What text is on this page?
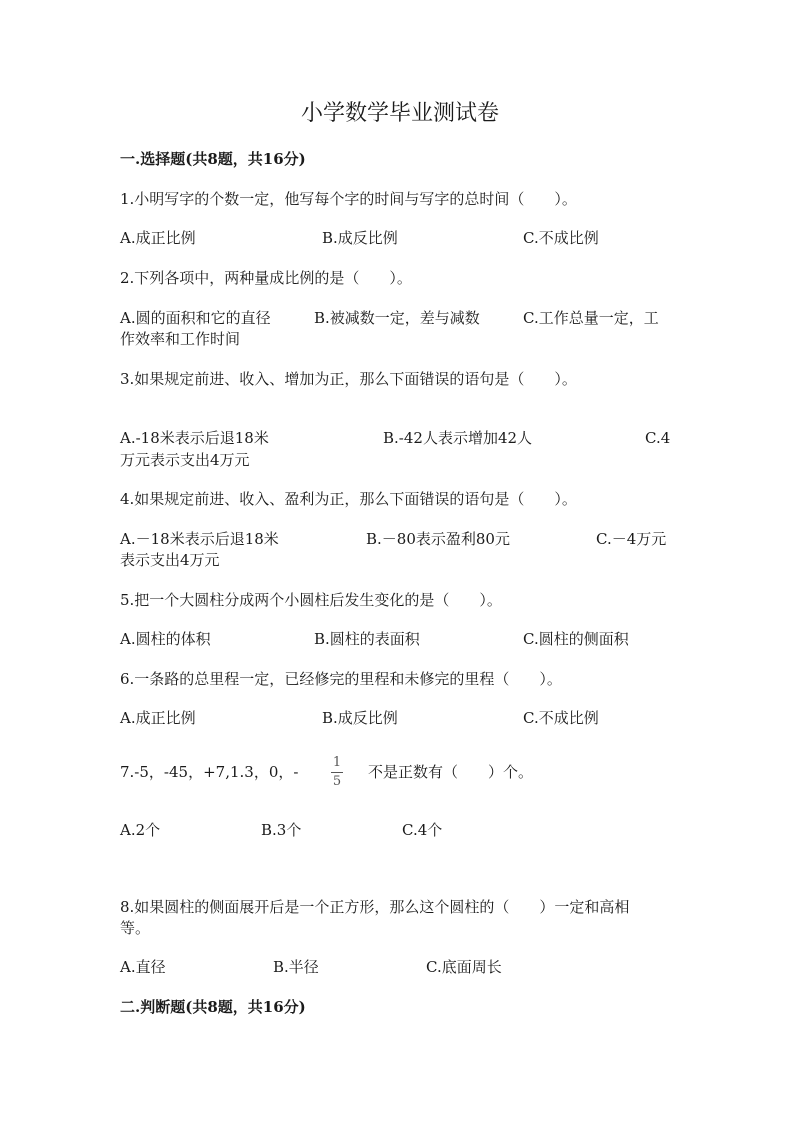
小学数学毕业测试卷
一.选择题(共8题，共16分)
1.小明写字的个数一定，他写每个字的时间与写字的总时间（　　）。
A.成正比例	B.成反比例	C.不成比例
2.下列各项中，两种量成比例的是（　　）。
A.圆的面积和它的直径	B.被减数一定，差与减数	C.工作总量一定，工
作效率和工作时间
3.如果规定前进、收入、增加为正，那么下面错误的语句是（　　）。
A.-18米表示后退18米	B.-42人表示增加42人	C.4
万元表示支出4万元
4.如果规定前进、收入、盈利为正，那么下面错误的语句是（　　）。
A.－18米表示后退18米	B.－80表示盈利80元	C.－4万元
表示支出4万元
5.把一个大圆柱分成两个小圆柱后发生变化的是（　　）。
A.圆柱的体积	B.圆柱的表面积	C.圆柱的侧面积
6.一条路的总里程一定，已经修完的里程和未修完的里程（　　）。
A.成正比例	B.成反比例	C.不成比例
7.-5，-45，+7,1.3，0，-
1
5
不是正数有（　　）个。
A.2个	B.3个	C.4个
8.如果圆柱的侧面展开后是一个正方形，那么这个圆柱的（　　）一定和高相
等。
A.直径	B.半径	C.底面周长
二.判断题(共8题，共16分)
